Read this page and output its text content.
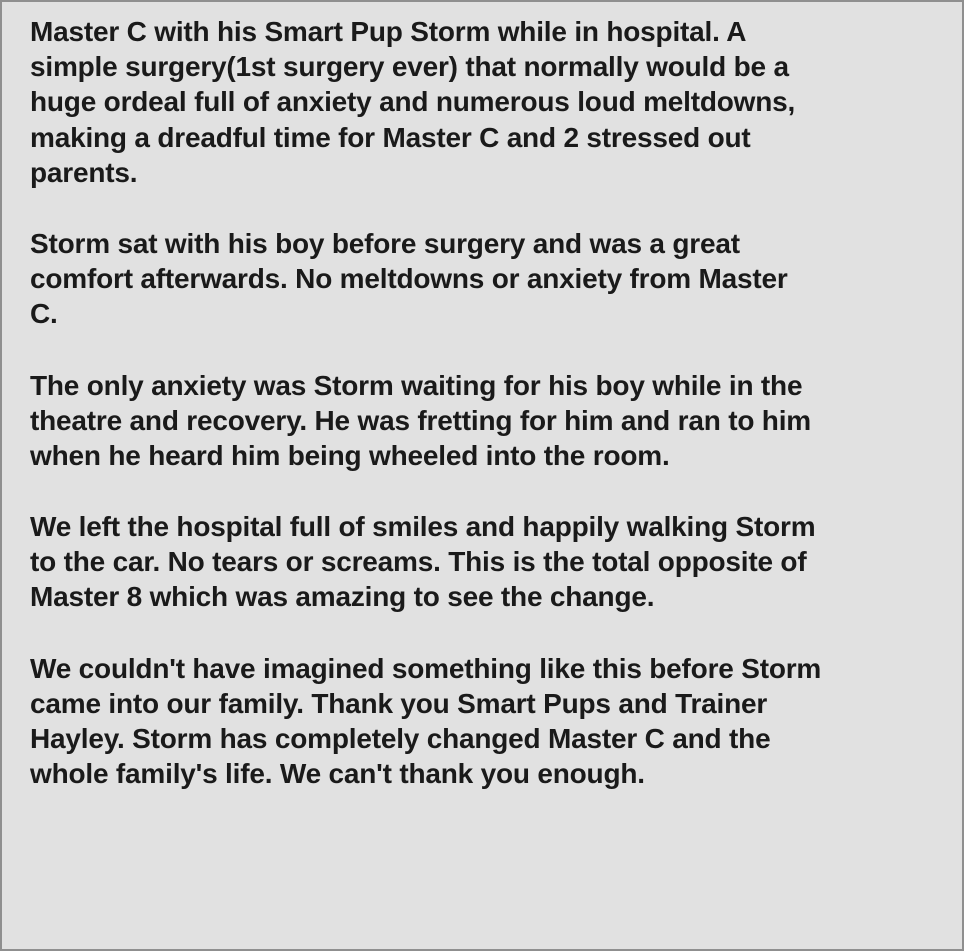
Master C with his Smart Pup Storm while in hospital. A
simple surgery(1st surgery ever) that normally would be a
huge ordeal full of anxiety and numerous loud meltdowns,
making a dreadful time for Master C and 2 stressed out
parents.

Storm sat with his boy before surgery and was a great
comfort afterwards. No meltdowns or anxiety from Master
C.

The only anxiety was Storm waiting for his boy while in the
theatre and recovery. He was fretting for him and ran to him
when he heard him being wheeled into the room.

We left the hospital full of smiles and happily walking Storm
to the car. No tears or screams. This is the total opposite of
Master 8 which was amazing to see the change.

We couldn't have imagined something like this before Storm
came into our family. Thank you Smart Pups and Trainer
Hayley. Storm has completely changed Master C and the
whole family's life. We can't thank you enough.
